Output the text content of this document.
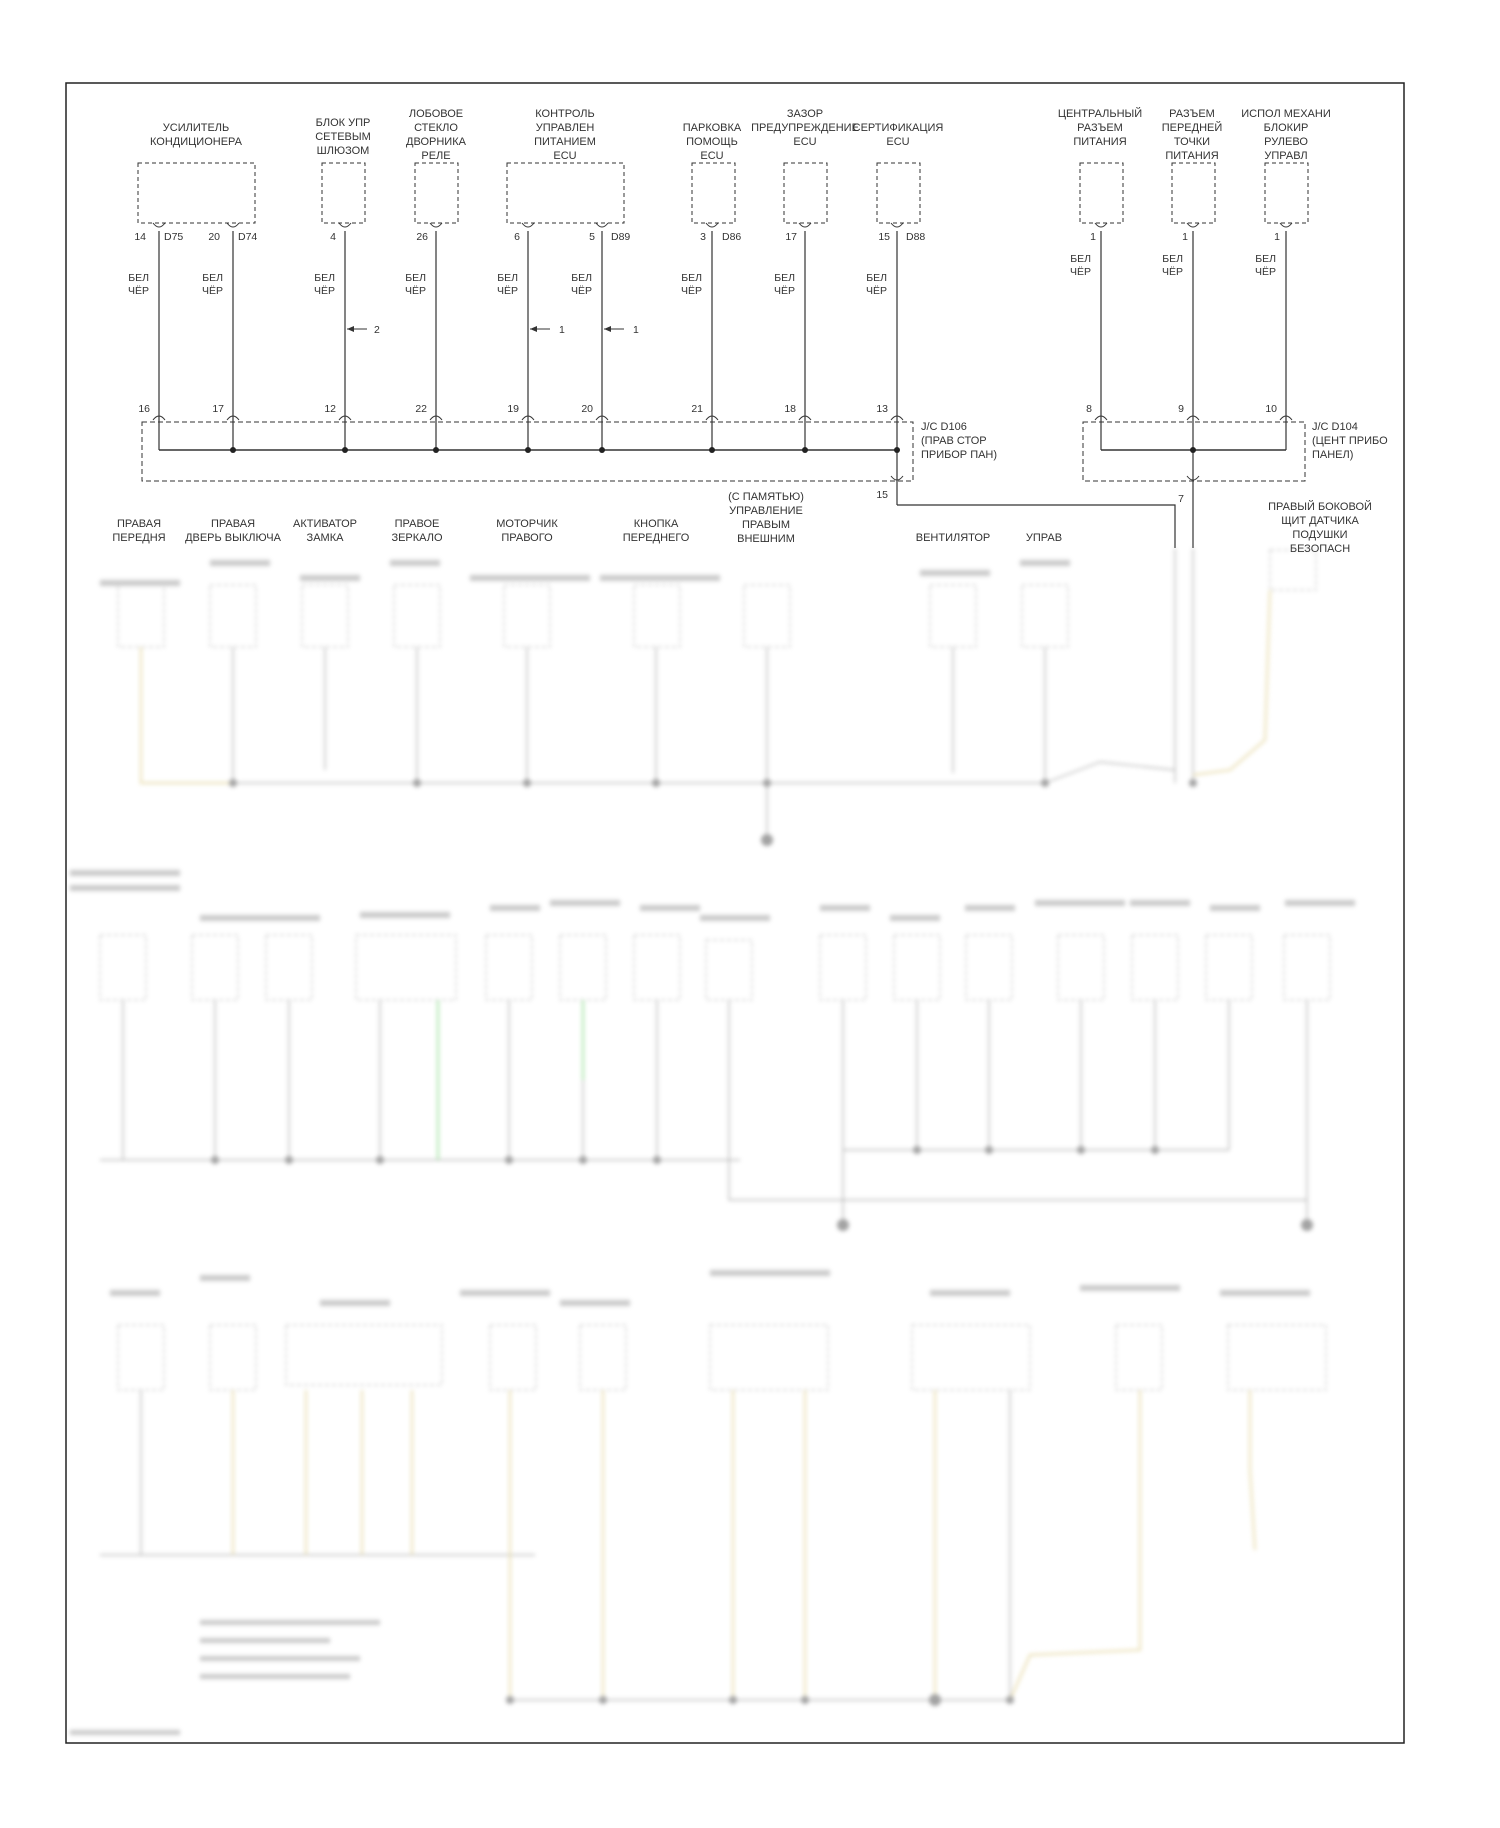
УСИЛИТЕЛЬ
КОНДИЦИОНЕРА
БЛОК УПР
СЕТЕВЫМ
ШЛЮЗОМ
ЛОБОВОЕ
СТЕКЛО
ДВОРНИКА
РЕЛЕ
КОНТРОЛЬ
УПРАВЛЕН
ПИТАНИЕМ
ECU
ПАРКОВКА
ПОМОЩЬ
ECU
ЗАЗОР
ПРЕДУПРЕЖДЕНИЕ
ECU
СЕРТИФИКАЦИЯ
ECU
ЦЕНТРАЛЬНЫЙ
РАЗЪЕМ
ПИТАНИЯ
РАЗЪЕМ
ПЕРЕДНЕЙ
ТОЧКИ
ПИТАНИЯ
ИСПОЛ МЕХАНИ
БЛОКИР
РУЛЕВО
УПРАВЛ
14 D75 20 D74	4	26	6	5 D89	3 D86	17	15 D88	1	1	1
БЕЛ
ЧЁР
БЕЛ
ЧЁР
БЕЛ
ЧЁР
БЕЛ
ЧЁР
БЕЛ
ЧЁР
БЕЛ
ЧЁР
БЕЛ
ЧЁР
БЕЛ
ЧЁР
БЕЛ
ЧЁР
БЕЛ
ЧЁР
БЕЛ
ЧЁР
БЕЛ
ЧЁР
2	1	1
16	17	12	22	19	20	21	18	13
15
J/C D106
(ПРАВ СТОР
ПРИБОР ПАН)
8	9	10
7
J/C D104
(ЦЕНТ ПРИБО
ПАНЕЛ)
ПРАВАЯ
ПЕРЕДНЯ
ПРАВАЯ
ДВЕРЬ ВЫКЛЮЧА
АКТИВАТОР
ЗАМКА
ПРАВОЕ
ЗЕРКАЛО
МОТОРЧИК
ПРАВОГО
КНОПКА
ПЕРЕДНЕГО
(С ПАМЯТЬЮ)
УПРАВЛЕНИЕ
ПРАВЫМ
ВНЕШНИМ	ВЕНТИЛЯТОР	УПРАВ
ПРАВЫЙ БОКОВОЙ
ЩИТ ДАТЧИКА
ПОДУШКИ
БЕЗОПАСН
